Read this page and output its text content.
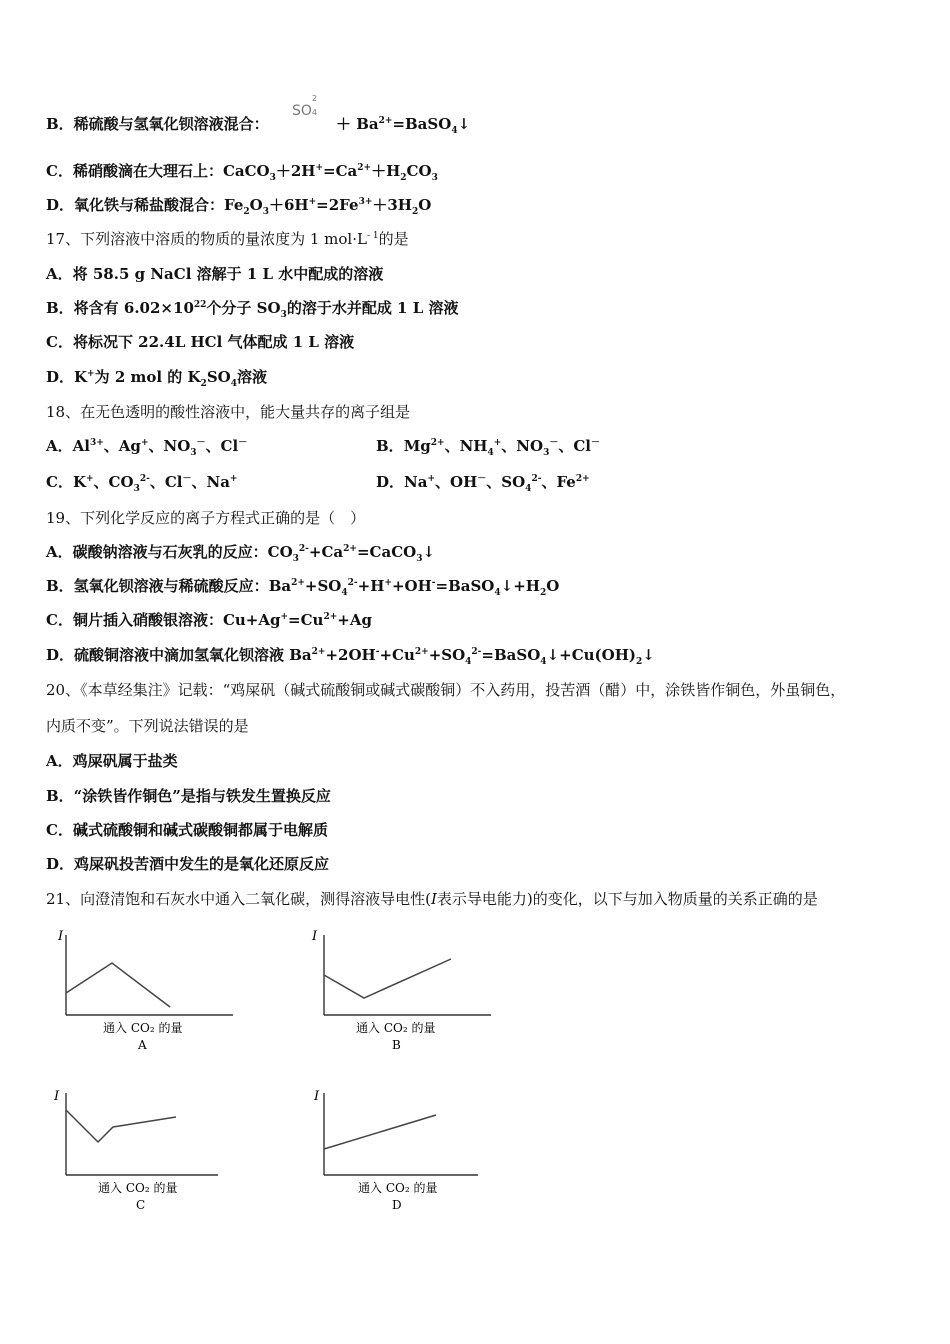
B．稀硫酸与氢氧化钡溶液混合：
SO
2
4
＋ $Ba^{2+}=BaSO_4↓$
C．稀硝酸滴在大理石上：$CaCO_3+2H^+=Ca^{2+}+H_2CO_3$
D．氧化铁与稀盐酸混合：$Fe_2O_3+6H^+=2Fe^{3+}+3H_2O$
17、下列溶液中溶质的物质的量浓度为 1 $mol\cdot L^{- 1}$的是
A．将 58.5 g NaCl 溶解于 1 L 水中配成的溶液
B．将含有 $6.02\times 10^{22}$个分子 $SO_3$的溶于水并配成 1 L 溶液
C．将标况下 22.4L HCl 气体配成 1 L 溶液
D．K+为 2 mol 的 $K_2SO_4$溶液
18、在无色透明的酸性溶液中，能大量共存的离子组是
A．$Al^{3+}$、Ag+、$NO_3^-$、Cl－	B．$Mg^{2+}$、$NH_4^+$、$NO_3^-$、Cl－
C．K+、$CO_3^{2-}$、Cl－、Na+	D．Na+、OH－、$SO_4^{2-}$、$Fe^{2+}$
19、下列化学反应的离子方程式正确的是（　）
A．碳酸钠溶液与石灰乳的反应：$CO_3^{2-}+Ca^{2+}=CaCO_3↓$
B．氢氧化钡溶液与稀硫酸反应：$Ba^{2+}+SO_4^{2-}+H^++OH^-=BaSO_4↓+H_2O$
C．铜片插入硝酸银溶液：$Cu+Ag^+=Cu^{2+}+Ag$
D．硫酸铜溶液中滴加氢氧化钡溶液 $Ba^{2+}+2OH^-+Cu^{2+}+SO_4^{2-}=BaSO_4↓+Cu(OH)_2↓$
20、《本草经集注》记载：“鸡屎矾（碱式硫酸铜或碱式碳酸铜）不入药用，投苦酒（醋）中，涂铁皆作铜色，外虽铜色，
内质不变”。下列说法错误的是
A．鸡屎矾属于盐类
B．“涂铁皆作铜色”是指与铁发生置换反应
C．碱式硫酸铜和碱式碳酸铜都属于电解质
D．鸡屎矾投苦酒中发生的是氧化还原反应
21、向澄清饱和石灰水中通入二氧化碳，测得溶液导电性(I表示导电能力)的变化，以下与加入物质量的关系正确的是
I
通入 CO₂ 的量
A
I
通入 CO₂ 的量
B
I
通入 CO₂ 的量
C
I
通入 CO₂ 的量
D
